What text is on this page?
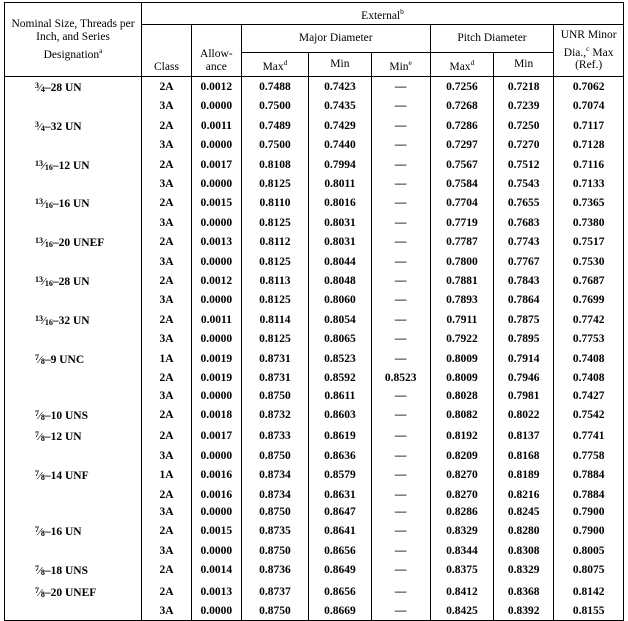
Nominal Size, Threads per Inch, and Series Designation$^a$	External$^b$
	Class	Allow- ance	Major Diameter			Pitch Diameter		UNR Minor Dia.,$^c$ Max (Ref.)
			Max$^d$	Min	Min$^e$	Max$^d$	Min	
3⁄4–28 UN	2A	0.0012	0.7488	0.7423	—	0.7256	0.7218	0.7062
	3A	0.0000	0.7500	0.7435	—	0.7268	0.7239	0.7074
3⁄4–32 UN	2A	0.0011	0.7489	0.7429	—	0.7286	0.7250	0.7117
	3A	0.0000	0.7500	0.7440	—	0.7297	0.7270	0.7128
13⁄16–12 UN	2A	0.0017	0.8108	0.7994	—	0.7567	0.7512	0.7116
	3A	0.0000	0.8125	0.8011	—	0.7584	0.7543	0.7133
13⁄16–16 UN	2A	0.0015	0.8110	0.8016	—	0.7704	0.7655	0.7365
	3A	0.0000	0.8125	0.8031	—	0.7719	0.7683	0.7380
13⁄16–20 UNEF	2A	0.0013	0.8112	0.8031	—	0.7787	0.7743	0.7517
	3A	0.0000	0.8125	0.8044	—	0.7800	0.7767	0.7530
13⁄16–28 UN	2A	0.0012	0.8113	0.8048	—	0.7881	0.7843	0.7687
	3A	0.0000	0.8125	0.8060	—	0.7893	0.7864	0.7699
13⁄16–32 UN	2A	0.0011	0.8114	0.8054	—	0.7911	0.7875	0.7742
	3A	0.0000	0.8125	0.8065	—	0.7922	0.7895	0.7753
7⁄8–9 UNC	1A	0.0019	0.8731	0.8523	—	0.8009	0.7914	0.7408
	2A	0.0019	0.8731	0.8592	0.8523	0.8009	0.7946	0.7408
	3A	0.0000	0.8750	0.8611	—	0.8028	0.7981	0.7427
7⁄8–10 UNS	2A	0.0018	0.8732	0.8603	—	0.8082	0.8022	0.7542
7⁄8–12 UN	2A	0.0017	0.8733	0.8619	—	0.8192	0.8137	0.7741
	3A	0.0000	0.8750	0.8636	—	0.8209	0.8168	0.7758
7⁄8–14 UNF	1A	0.0016	0.8734	0.8579	—	0.8270	0.8189	0.7884
	2A	0.0016	0.8734	0.8631	—	0.8270	0.8216	0.7884
	3A	0.0000	0.8750	0.8647	—	0.8286	0.8245	0.7900
7⁄8–16 UN	2A	0.0015	0.8735	0.8641	—	0.8329	0.8280	0.7900
	3A	0.0000	0.8750	0.8656	—	0.8344	0.8308	0.8005
7⁄8–18 UNS	2A	0.0014	0.8736	0.8649	—	0.8375	0.8329	0.8075
7⁄8–20 UNEF	2A	0.0013	0.8737	0.8656	—	0.8412	0.8368	0.8142
	3A	0.0000	0.8750	0.8669	—	0.8425	0.8392	0.8155
